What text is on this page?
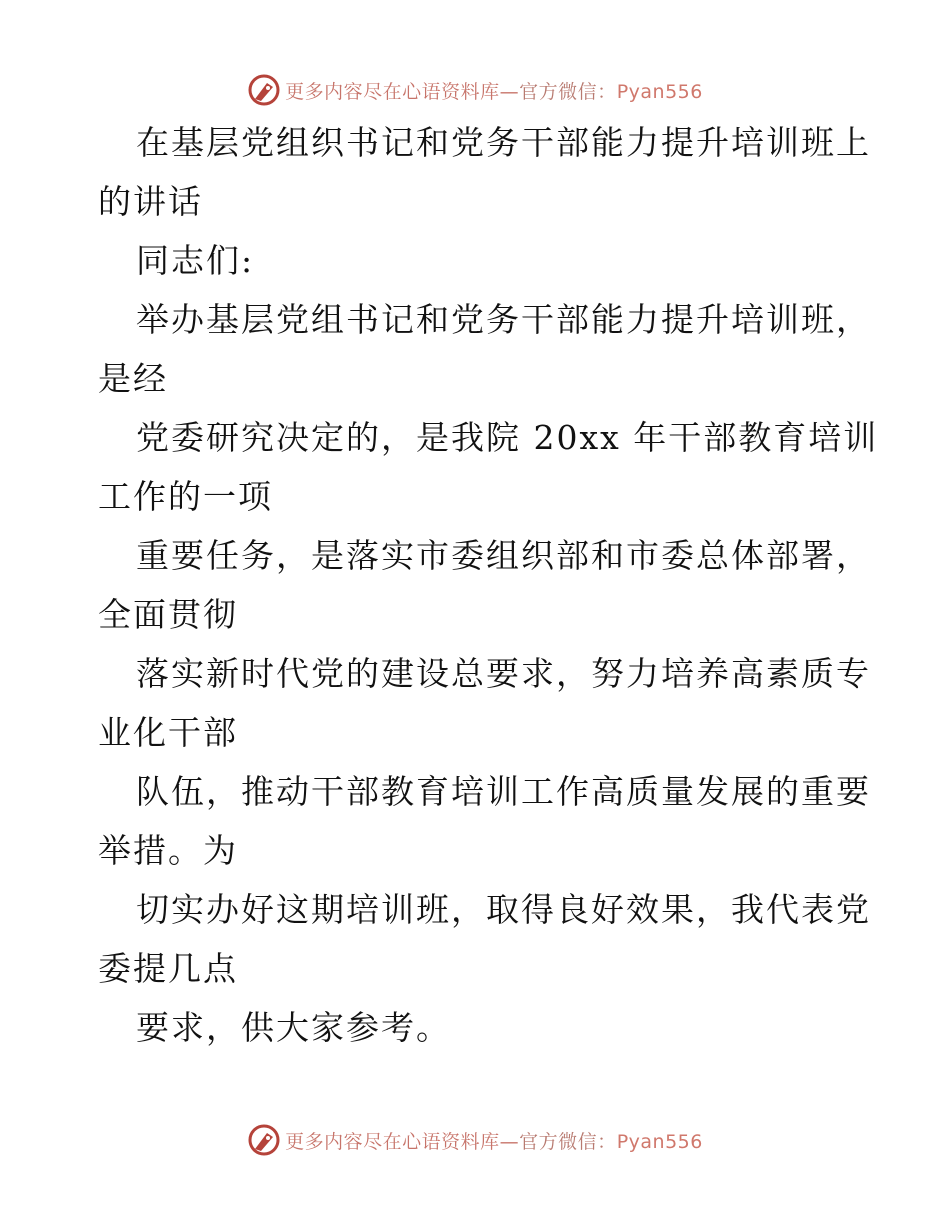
更多内容尽在心语资料库—官方微信：Pyan556
在基层党组织书记和党务干部能力提升培训班上
的讲话
同志们:
举办基层党组书记和党务干部能力提升培训班，
是经
党委研究决定的，是我院 20xx 年干部教育培训
工作的一项
重要任务，是落实市委组织部和市委总体部署，
全面贯彻
落实新时代党的建设总要求，努力培养高素质专
业化干部
队伍，推动干部教育培训工作高质量发展的重要
举措。为
切实办好这期培训班，取得良好效果，我代表党
委提几点
要求，供大家参考。
更多内容尽在心语资料库—官方微信：Pyan556
